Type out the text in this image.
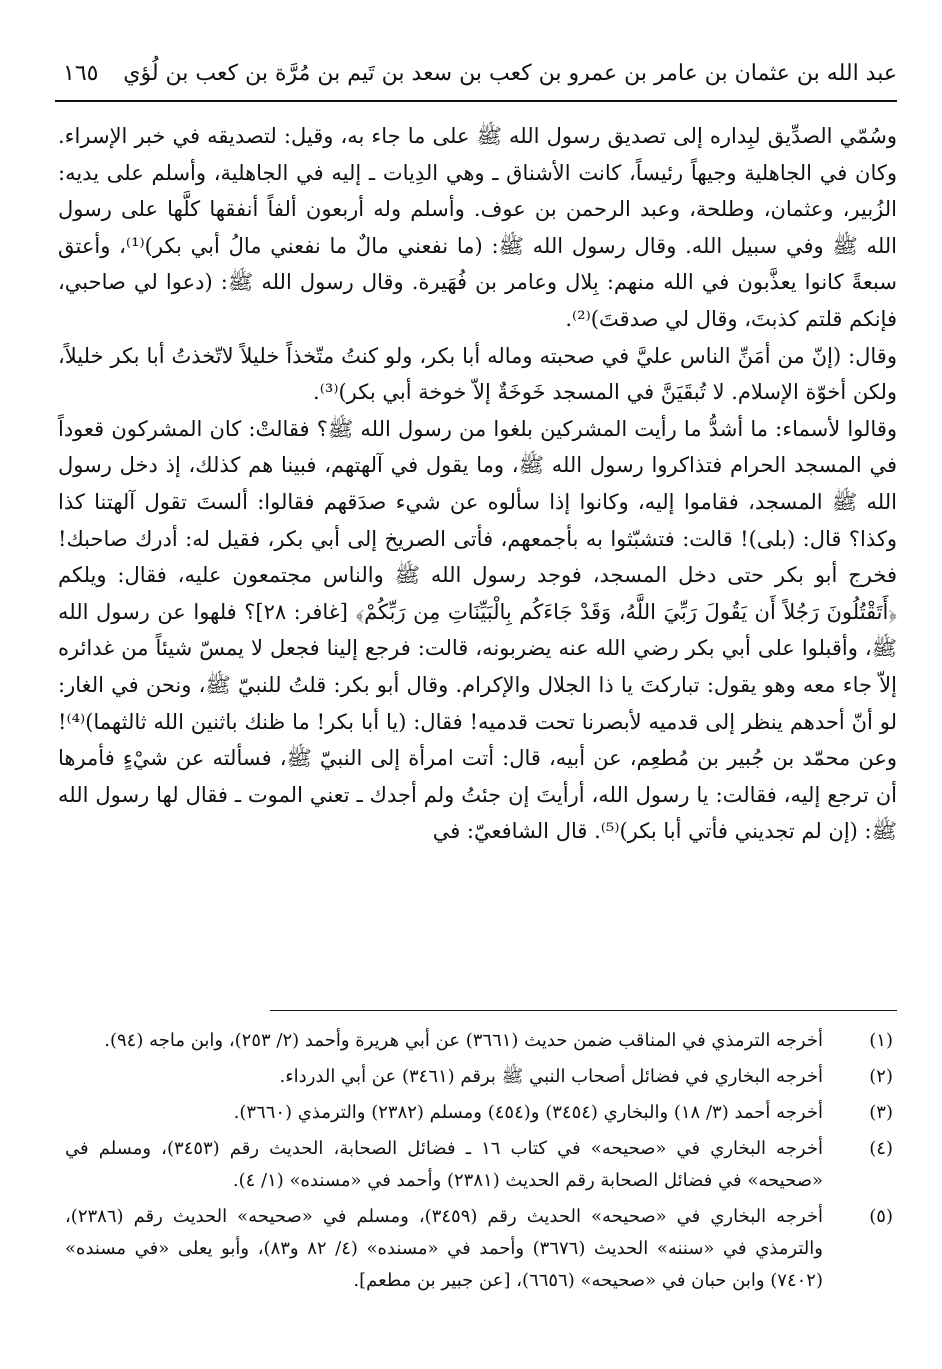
عبد الله بن عثمان بن عامر بن عمرو بن كعب بن سعد بن تَيم بن مُرَّة بن كعب بن لُؤي
١٦٥

وسُمّي الصدِّيق لبِداره إلى تصديق رسول الله ﷺ على ما جاء به، وقيل: لتصديقه في خبر الإسراء. وكان في الجاهلية وجيهاً رئيساً، كانت الأشناق ـ وهي الدِيات ـ إليه في الجاهلية، وأسلم على يديه: الزُبير، وعثمان، وطلحة، وعبد الرحمن بن عوف. وأسلم وله أربعون ألفاً أنفقها كلَّها على رسول الله ﷺ وفي سبيل الله. وقال رسول الله ﷺ: (ما نفعني مالٌ ما نفعني مالُ أبي بكر)⁽¹⁾، وأعتق سبعةً كانوا يعذَّبون في الله منهم: بِلال وعامر بن فُهَيرة. وقال رسول الله ﷺ: (دعوا لي صاحبي، فإنكم قلتم كذبتَ، وقال لي صدقتَ)⁽²⁾.

وقال: (إنّ من أمَنِّ الناس عليَّ في صحبته وماله أبا بكر، ولو كنتُ متّخذاً خليلاً لاتّخذتُ أبا بكر خليلاً، ولكن أخوّة الإسلام. لا تُبقَيَنَّ في المسجد خَوخَةٌ إلاّ خوخة أبي بكر)⁽³⁾.

وقالوا لأسماء: ما أشدُّ ما رأيت المشركين بلغوا من رسول الله ﷺ؟ فقالتْ: كان المشركون قعوداً في المسجد الحرام فتذاكروا رسول الله ﷺ، وما يقول في آلهتهم، فبينا هم كذلك، إذ دخل رسول الله ﷺ المسجد، فقاموا إليه، وكانوا إذا سألوه عن شيء صدَقهم فقالوا: ألستَ تقول آلهتنا كذا وكذا؟ قال: (بلى)! قالت: فتشبّثوا به بأجمعهم، فأتى الصريخ إلى أبي بكر، فقيل له: أدرك صاحبك! فخرج أبو بكر حتى دخل المسجد، فوجد رسول الله ﷺ والناس مجتمعون عليه، فقال: ويلكم ﴿أَتَقْتُلُونَ رَجُلاً أَن يَقُولَ رَبِّيَ اللَّهُ، وَقَدْ جَاءَكُم بِالْبَيِّنَاتِ مِن رَبِّكُمْ﴾ [غافر: ٢٨]؟ فلهوا عن رسول الله ﷺ، وأقبلوا على أبي بكر رضي الله عنه يضربونه، قالت: فرجع إلينا فجعل لا يمسّ شيئاً من غدائره إلاّ جاء معه وهو يقول: تباركتَ يا ذا الجلال والإكرام. وقال أبو بكر: قلتُ للنبيّ ﷺ، ونحن في الغار: لو أنّ أحدهم ينظر إلى قدميه لأبصرنا تحت قدميه! فقال: (يا أبا بكر! ما ظنك باثنين الله ثالثهما)⁽⁴⁾! وعن محمّد بن جُبير بن مُطعِم، عن أبيه، قال: أتت امرأة إلى النبيّ ﷺ، فسألته عن شيْءٍ فأمرها أن ترجع إليه، فقالت: يا رسول الله، أرأيتَ إن جئتُ ولم أجدك ـ تعني الموت ـ فقال لها رسول الله ﷺ: (إن لم تجديني فأتي أبا بكر)⁽⁵⁾. قال الشافعيّ: في

(١)
أخرجه الترمذي في المناقب ضمن حديث (٣٦٦١) عن أبي هريرة وأحمد (٢/ ٢٥٣)، وابن ماجه (٩٤).
(٢)
أخرجه البخاري في فضائل أصحاب النبي ﷺ برقم (٣٤٦١) عن أبي الدرداء.
(٣)
أخرجه أحمد (٣/ ١٨) والبخاري (٣٤٥٤) و(٤٥٤) ومسلم (٢٣٨٢) والترمذي (٣٦٦٠).
(٤)
أخرجه البخاري في «صحيحه» في كتاب ١٦ ـ فضائل الصحابة، الحديث رقم (٣٤٥٣)، ومسلم في «صحيحه» في فضائل الصحابة رقم الحديث (٢٣٨١) وأحمد في «مسنده» (١/ ٤).
(٥)
أخرجه البخاري في «صحيحه» الحديث رقم (٣٤٥٩)، ومسلم في «صحيحه» الحديث رقم (٢٣٨٦)، والترمذي في «سننه» الحديث (٣٦٧٦) وأحمد في «مسنده» (٤/ ٨٢ و٨٣)، وأبو يعلى «في مسنده» (٧٤٠٢) وابن حبان في «صحيحه» (٦٦٥٦)، [عن جبير بن مطعم].
